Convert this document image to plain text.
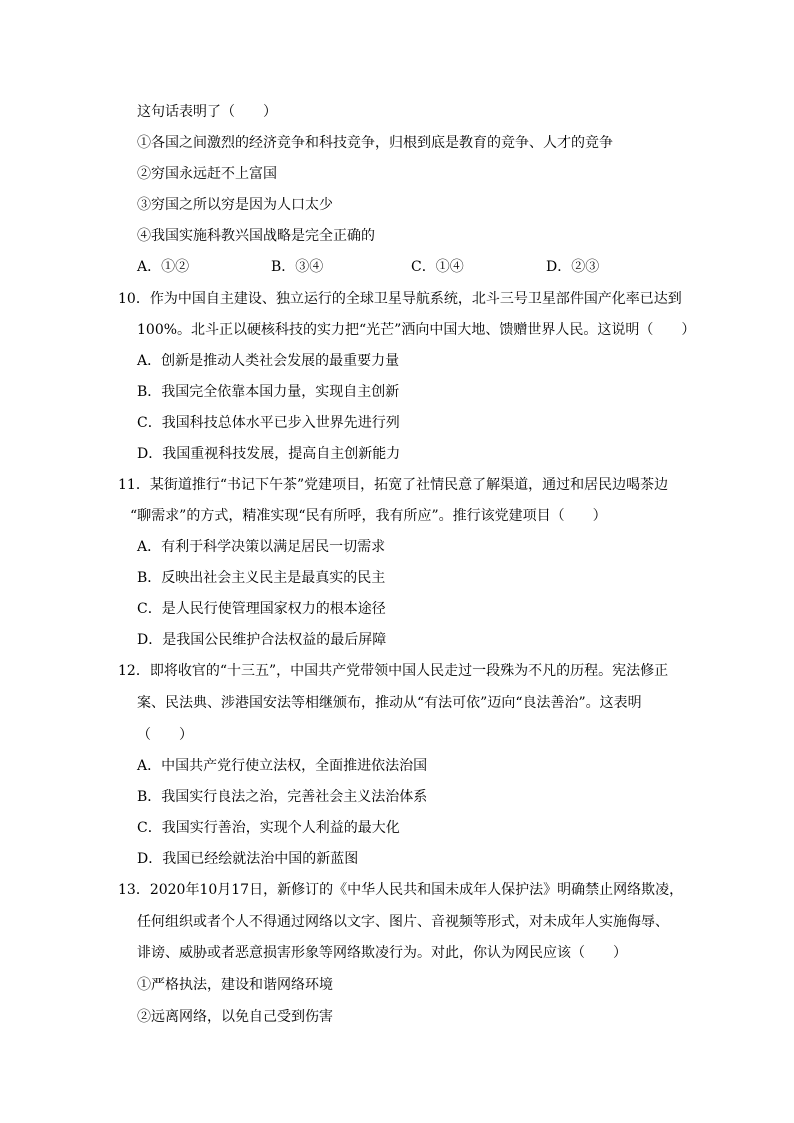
这句话表明了（　　）
①各国之间激烈的经济竞争和科技竞争，归根到底是教育的竞争、人才的竞争
②穷国永远赶不上富国
③穷国之所以穷是因为人口太少
④我国实施科教兴国战略是完全正确的
A．①②	B．③④	C．①④	D．②③
10．作为中国自主建设、独立运行的全球卫星导航系统，北斗三号卫星部件国产化率已达到
100%。北斗正以硬核科技的实力把“光芒”洒向中国大地、馈赠世界人民。这说明（　　）
A．创新是推动人类社会发展的最重要力量
B．我国完全依靠本国力量，实现自主创新
C．我国科技总体水平已步入世界先进行列
D．我国重视科技发展，提高自主创新能力
11．某街道推行“书记下午茶”党建项目，拓宽了社情民意了解渠道，通过和居民边喝茶边
“聊需求”的方式，精准实现“民有所呼，我有所应”。推行该党建项目（　　）
A．有利于科学决策以满足居民一切需求
B．反映出社会主义民主是最真实的民主
C．是人民行使管理国家权力的根本途径
D．是我国公民维护合法权益的最后屏障
12．即将收官的“十三五”，中国共产党带领中国人民走过一段殊为不凡的历程。宪法修正
案、民法典、涉港国安法等相继颁布，推动从“有法可依”迈向“良法善治”。这表明
（　　）
A．中国共产党行使立法权，全面推进依法治国
B．我国实行良法之治，完善社会主义法治体系
C．我国实行善治，实现个人利益的最大化
D．我国已经绘就法治中国的新蓝图
13．2020年10月17日，新修订的《中华人民共和国未成年人保护法》明确禁止网络欺凌，
任何组织或者个人不得通过网络以文字、图片、音视频等形式，对未成年人实施侮辱、
诽谤、威胁或者恶意损害形象等网络欺凌行为。对此，你认为网民应该（　　）
①严格执法，建设和谐网络环境
②远离网络，以免自己受到伤害
